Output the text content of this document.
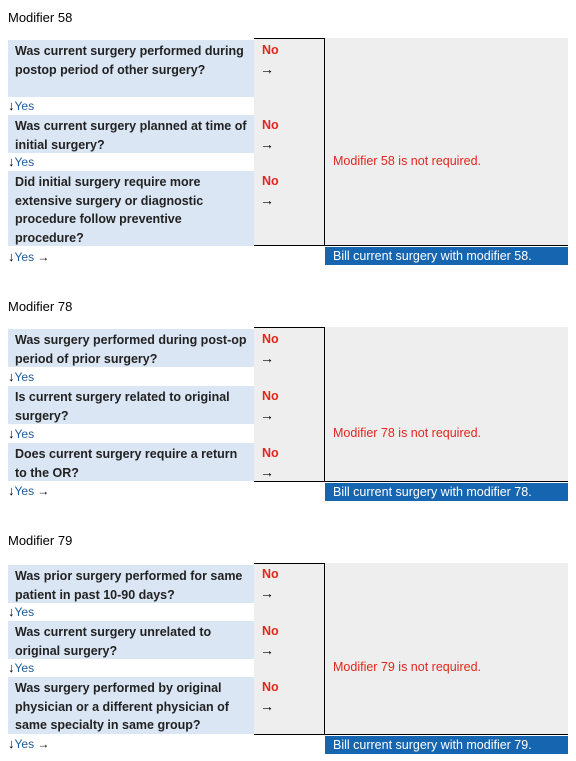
Modifier 58
Was current surgery performed during postop period of other surgery?
No
→
↓Yes
Was current surgery planned at time of initial surgery?
No
→
↓Yes
Did initial surgery require more extensive surgery or diagnostic procedure follow preventive procedure?
No
→
↓Yes →
Modifier 58 is not required.
Bill current surgery with modifier 58.
Modifier 78
Was surgery performed during post-op period of prior surgery?
No
→
↓Yes
Is current surgery related to original surgery?
No
→
↓Yes
Does current surgery require a return to the OR?
No
→
↓Yes →
Modifier 78 is not required.
Bill current surgery with modifier 78.
Modifier 79
Was prior surgery performed for same patient in past 10-90 days?
No
→
↓Yes
Was current surgery unrelated to original surgery?
No
→
↓Yes
Was surgery performed by original physician or a different physician of same specialty in same group?
No
→
↓Yes →
Modifier 79 is not required.
Bill current surgery with modifier 79.
